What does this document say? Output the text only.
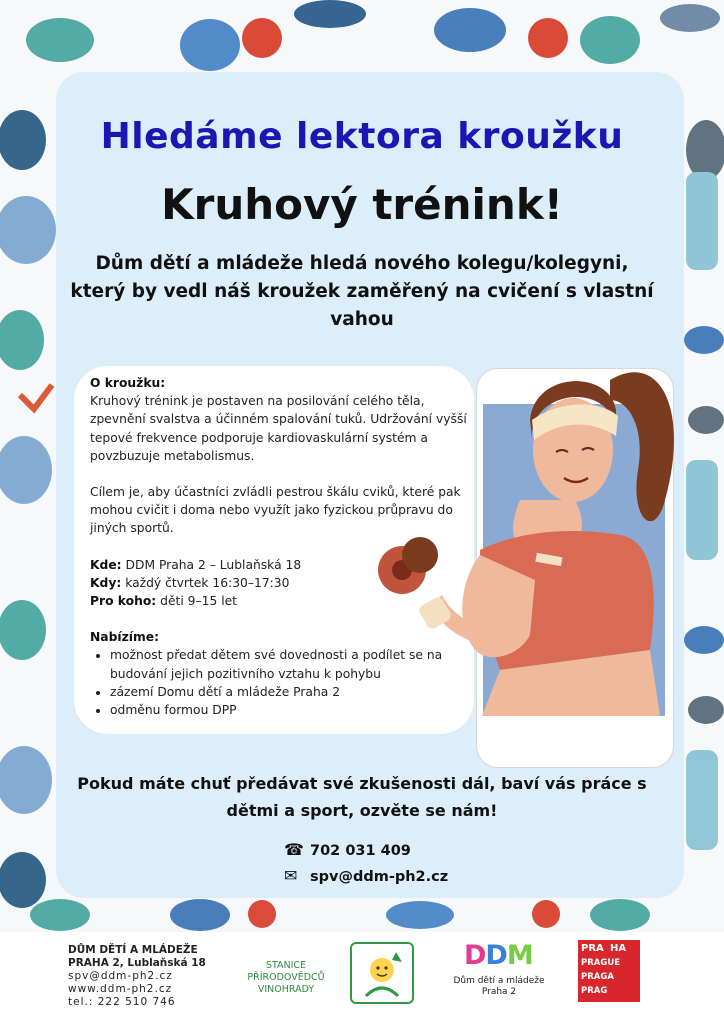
Hledáme lektora kroužku
Kruhový trénink!
Dům dětí a mládeže hledá nového kolegu/kolegyni, který by vedl náš kroužek zaměřený na cvičení s vlastní vahou

O kroužku:

Kruhový trénink je postaven na posilování celého těla, zpevnění svalstva a účinném spalování tuků. Udržování vyšší tepové frekvence podporuje kardiovaskulární systém a povzbuzuje metabolismus.

Cílem je, aby účastníci zvládli pestrou škálu cviků, které pak mohou cvičit i doma nebo využít jako fyzickou průpravu do jiných sportů.

Kde: DDM Praha 2 – Lublaňská 18

Kdy: každý čtvrtek 16:30–17:30

Pro koho: děti 9–15 let

Nabízíme:

• možnost předat dětem své dovednosti a podílet se na budování jejich pozitivního vztahu k pohybu
• zázemí Domu dětí a mládeže Praha 2
• odměnu formou DPP
Pokud máte chuť předávat své zkušenosti dál, baví vás práce s dětmi a sport, ozvěte se nám!
☎ 702 031 409
✉ spv@ddm-ph2.cz
DŮM DĚTÍ A MLÁDEŽE
PRAHA 2, Lublaňská 18
spv@ddm-ph2.cz
www.ddm-ph2.cz
tel.: 222 510 746
STANICE PŘÍRODOVĚDCŮ
VINOHRADY
DDM
Dům dětí a mládeže
Praha 2
PRA HA
PRAGUE
PRAGA
PRAG
